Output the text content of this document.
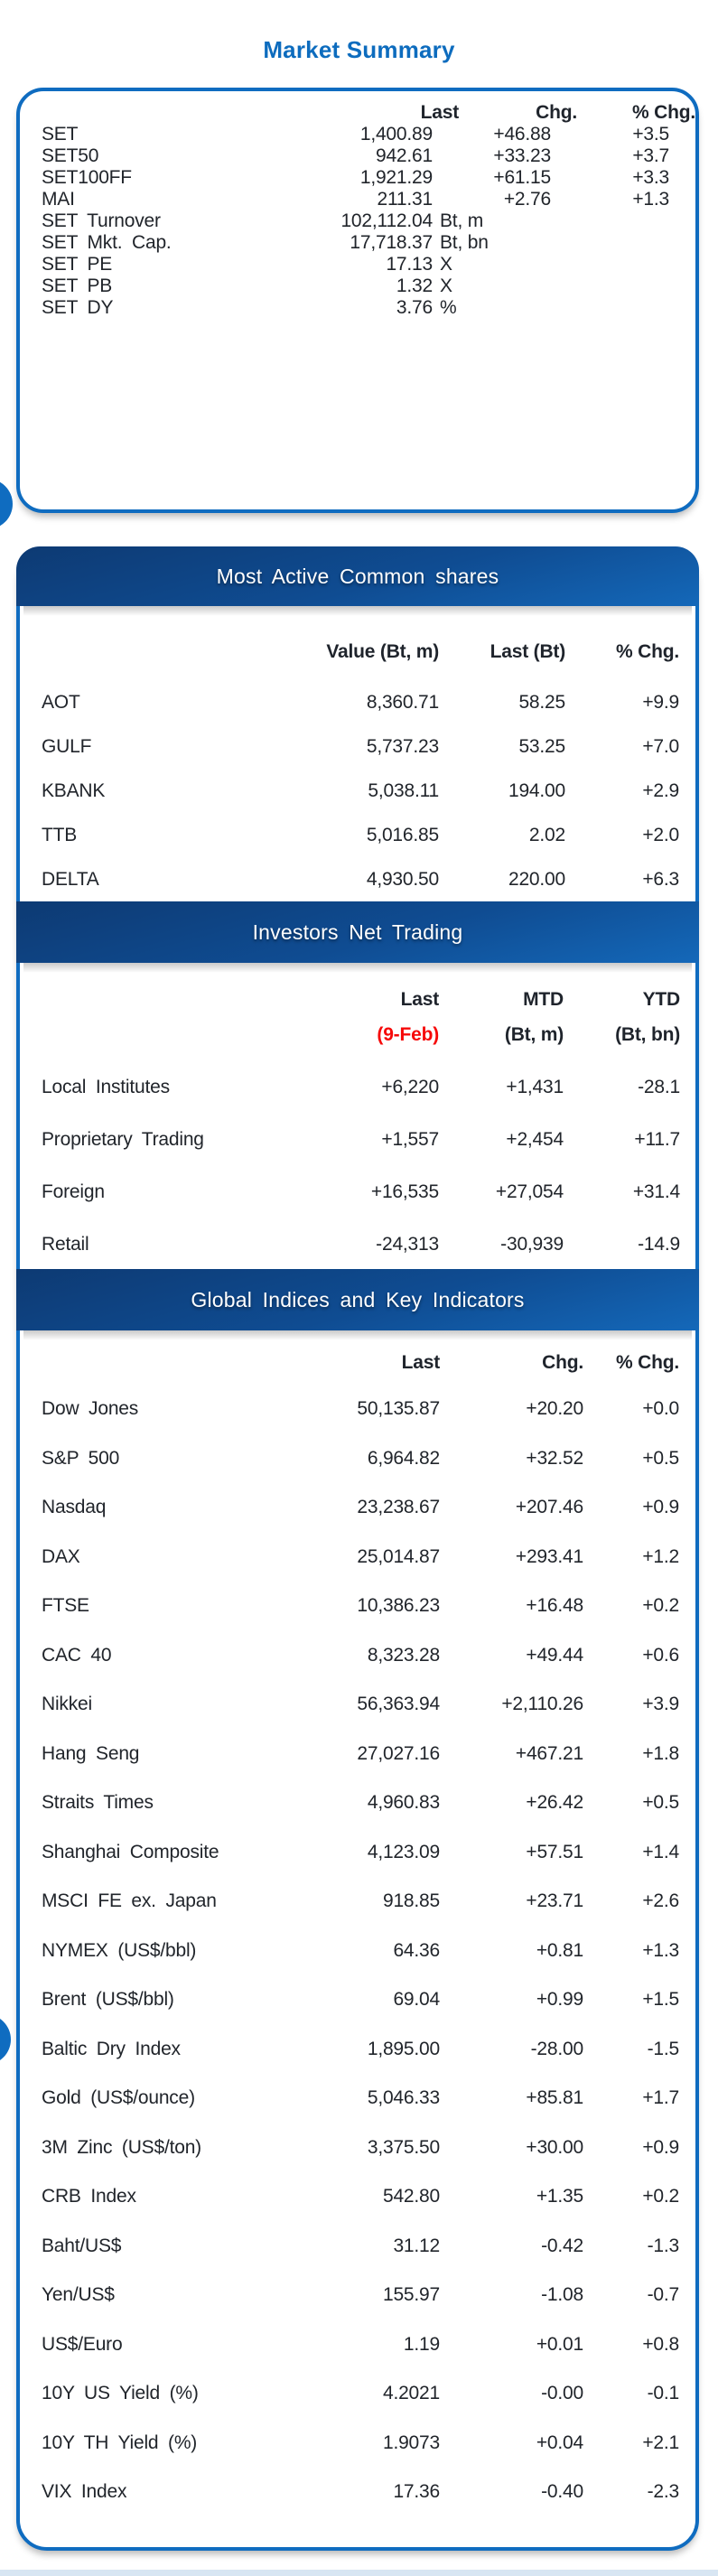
Market Summary
Last	Chg.	% Chg.
SET	1,400.89	+46.88	+3.5
SET50	942.61	+33.23	+3.7
SET100FF	1,921.29	+61.15	+3.3
MAI	211.31	+2.76	+1.3
SET Turnover	102,112.04 Bt, m
SET Mkt. Cap.	17,718.37 Bt, bn
SET PE	17.13 X
SET PB	1.32 X
SET DY	3.76 %
Most Active Common shares
Value (Bt, m)	Last (Bt)	% Chg.
AOT	8,360.71	58.25	+9.9
GULF	5,737.23	53.25	+7.0
KBANK	5,038.11	194.00	+2.9
TTB	5,016.85	2.02	+2.0
DELTA	4,930.50	220.00	+6.3
Investors Net Trading
Last	MTD	YTD
(9-Feb)	(Bt, m)	(Bt, bn)
Local Institutes	+6,220	+1,431	-28.1
Proprietary Trading	+1,557	+2,454	+11.7
Foreign	+16,535	+27,054	+31.4
Retail	-24,313	-30,939	-14.9
Global Indices and Key Indicators
Last	Chg.	% Chg.
Dow Jones	50,135.87	+20.20	+0.0
S&P 500	6,964.82	+32.52	+0.5
Nasdaq	23,238.67	+207.46	+0.9
DAX	25,014.87	+293.41	+1.2
FTSE	10,386.23	+16.48	+0.2
CAC 40	8,323.28	+49.44	+0.6
Nikkei	56,363.94	+2,110.26	+3.9
Hang Seng	27,027.16	+467.21	+1.8
Straits Times	4,960.83	+26.42	+0.5
Shanghai Composite	4,123.09	+57.51	+1.4
MSCI FE ex. Japan	918.85	+23.71	+2.6
NYMEX (US$/bbl)	64.36	+0.81	+1.3
Brent (US$/bbl)	69.04	+0.99	+1.5
Baltic Dry Index	1,895.00	-28.00	-1.5
Gold (US$/ounce)	5,046.33	+85.81	+1.7
3M Zinc (US$/ton)	3,375.50	+30.00	+0.9
CRB Index	542.80	+1.35	+0.2
Baht/US$	31.12	-0.42	-1.3
Yen/US$	155.97	-1.08	-0.7
US$/Euro	1.19	+0.01	+0.8
10Y US Yield (%)	4.2021	-0.00	-0.1
10Y TH Yield (%)	1.9073	+0.04	+2.1
VIX Index	17.36	-0.40	-2.3
